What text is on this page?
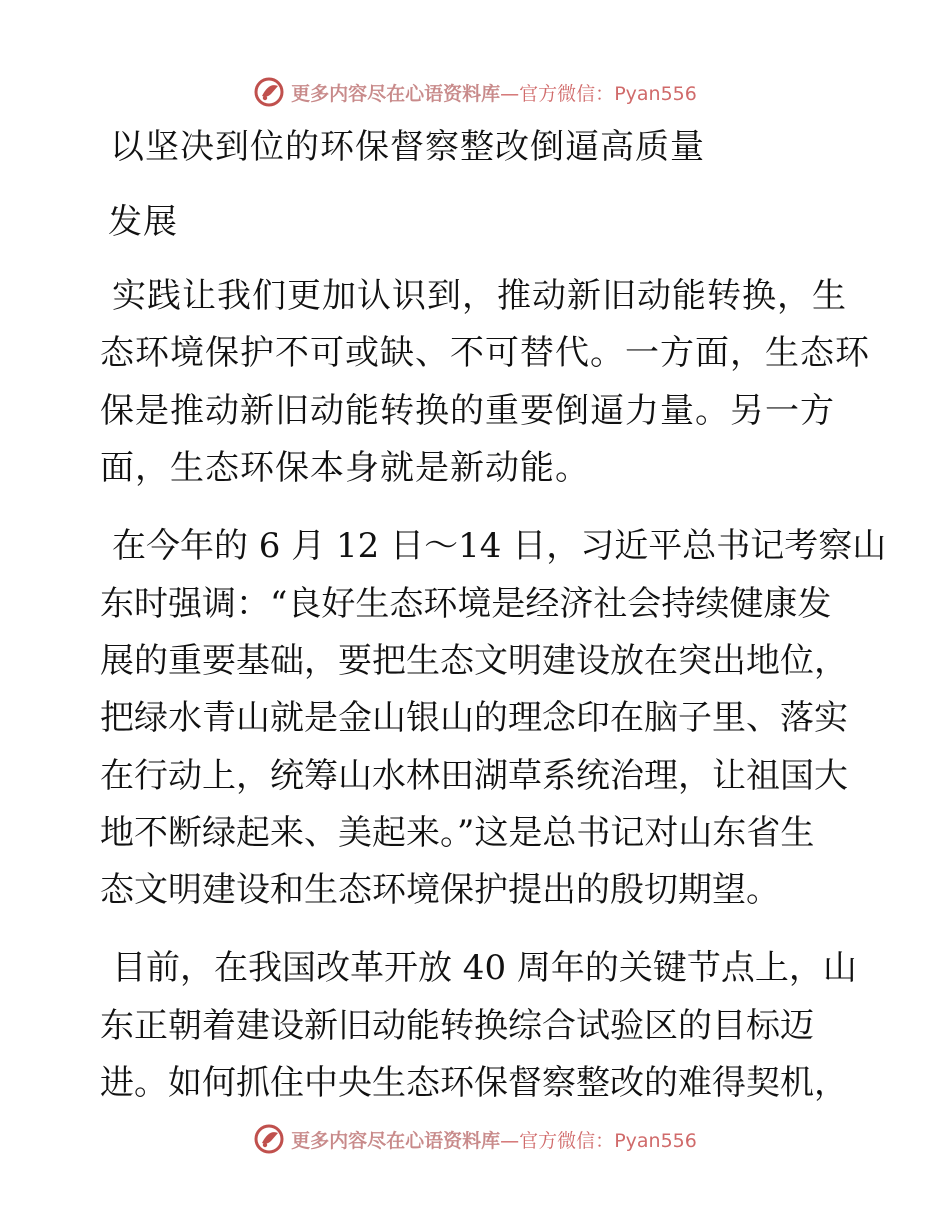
更多内容尽在心语资料库—官方微信：Pyan556
以坚决到位的环保督察整改倒逼高质量
发展
实践让我们更加认识到，推动新旧动能转换，生
态环境保护不可或缺、不可替代。一方面，生态环
保是推动新旧动能转换的重要倒逼力量。另一方
面，生态环保本身就是新动能。
在今年的 6 月 12 日～14 日，习近平总书记考察山
东时强调：“良好生态环境是经济社会持续健康发
展的重要基础，要把生态文明建设放在突出地位，
把绿水青山就是金山银山的理念印在脑子里、落实
在行动上，统筹山水林田湖草系统治理，让祖国大
地不断绿起来、美起来。”这是总书记对山东省生
态文明建设和生态环境保护提出的殷切期望。
目前，在我国改革开放 40 周年的关键节点上，山
东正朝着建设新旧动能转换综合试验区的目标迈
进。如何抓住中央生态环保督察整改的难得契机，
更多内容尽在心语资料库—官方微信：Pyan556
